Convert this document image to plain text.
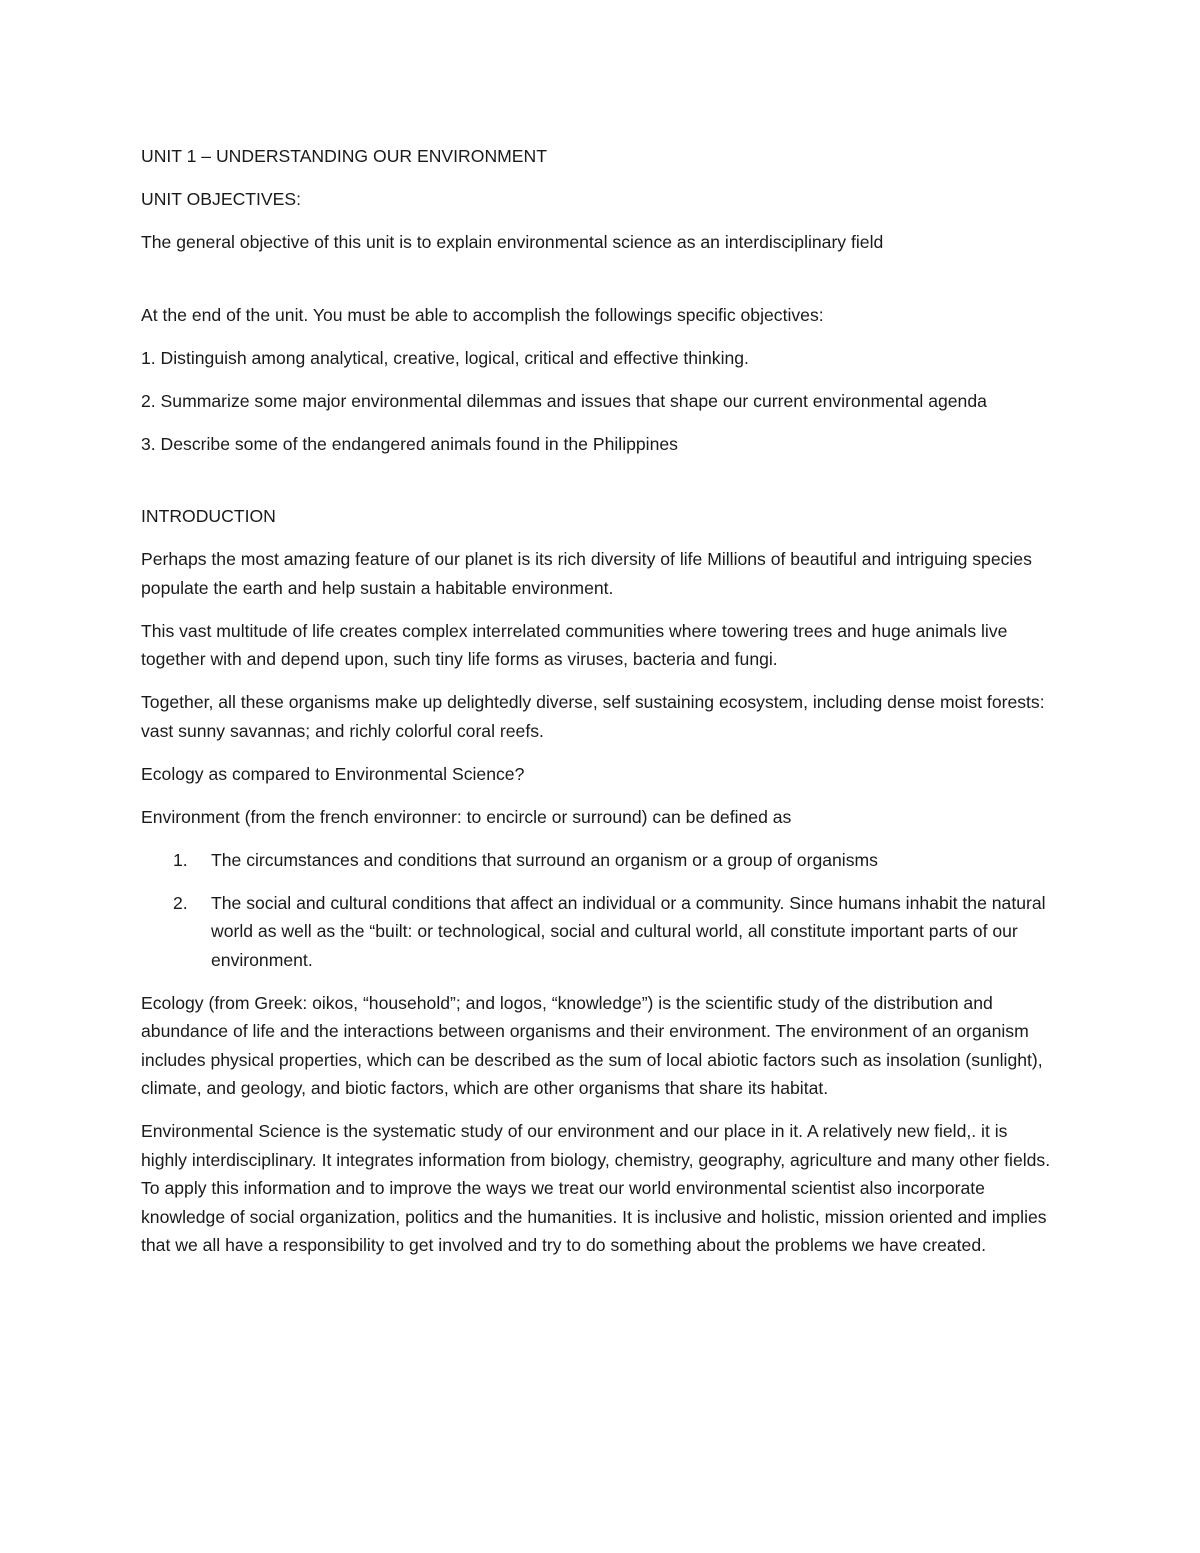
UNIT 1 – UNDERSTANDING OUR ENVIRONMENT

UNIT OBJECTIVES:

The general objective of this unit is to explain environmental science as an interdisciplinary field

At the end of the unit. You must be able to accomplish the followings specific objectives:

1. Distinguish among analytical, creative, logical, critical and effective thinking.

2. Summarize some major environmental dilemmas and issues that shape our current environmental agenda

3. Describe some of the endangered animals found in the Philippines

INTRODUCTION

Perhaps the most amazing feature of our planet is its rich diversity of life Millions of beautiful and intriguing species populate the earth and help sustain a habitable environment.

This vast multitude of life creates complex interrelated communities where towering trees and huge animals live together with and depend upon, such tiny life forms as viruses, bacteria and fungi.

Together, all these organisms make up delightedly diverse, self sustaining ecosystem, including dense moist forests: vast sunny savannas; and richly colorful coral reefs.

Ecology as compared to Environmental Science?

Environment (from the french environner: to encircle or surround) can be defined as

1. The circumstances and conditions that surround an organism or a group of organisms
2. The social and cultural conditions that affect an individual or a community. Since humans inhabit the natural world as well as the “built: or technological, social and cultural world, all constitute important parts of our environment.

Ecology (from Greek: oikos, “household”; and logos, “knowledge”) is the scientific study of the distribution and abundance of life and the interactions between organisms and their environment. The environment of an organism includes physical properties, which can be described as the sum of local abiotic factors such as insolation (sunlight), climate, and geology, and biotic factors, which are other organisms that share its habitat.

Environmental Science is the systematic study of our environment and our place in it. A relatively new field,. it is highly interdisciplinary. It integrates information from biology, chemistry, geography, agriculture and many other fields. To apply this information and to improve the ways we treat our world environmental scientist also incorporate knowledge of social organization, politics and the humanities. It is inclusive and holistic, mission oriented and implies that we all have a responsibility to get involved and try to do something about the problems we have created.
